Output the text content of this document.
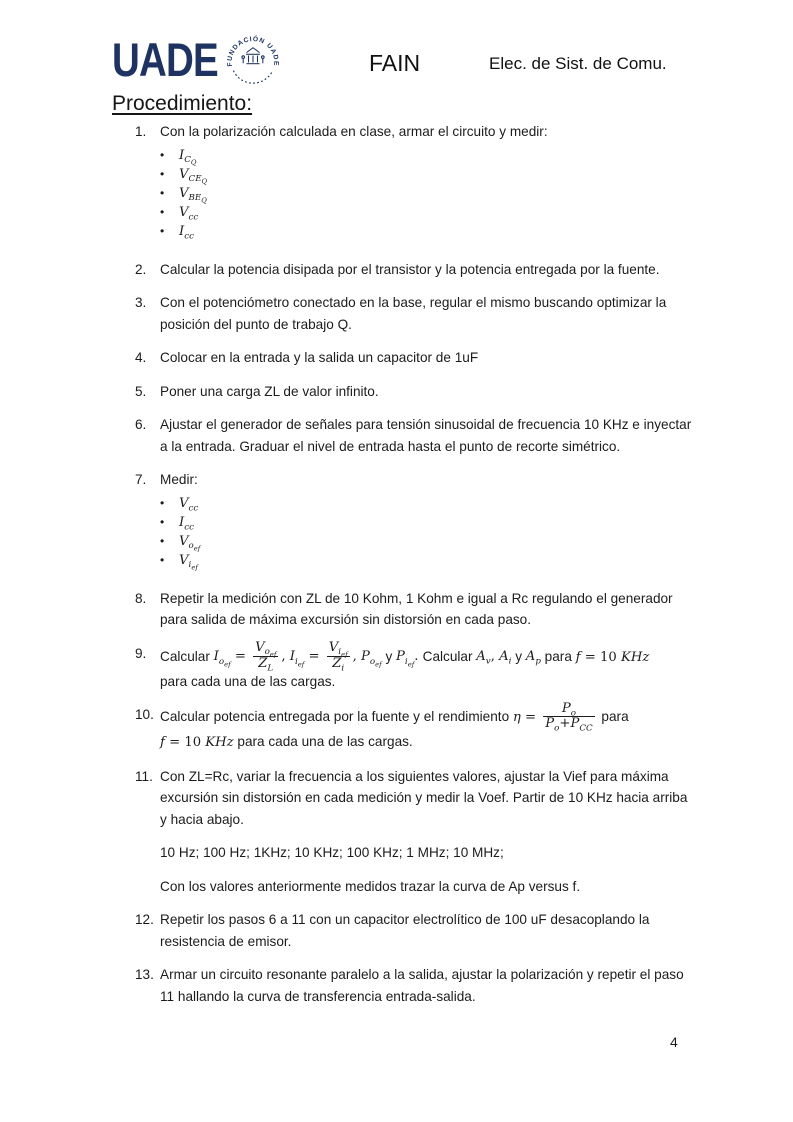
UADE FUNDACIÓN UADE	FAIN	Elec. de Sist. de Comu.
Procedimiento:
1.	Con la polarización calculada en clase, armar el circuito y medir:
•	$I_{C_Q}$
•	$V_{CE_Q}$
•	$V_{BE_Q}$
•	$V_{cc}$
•	$I_{cc}$
2.	Calcular la potencia disipada por el transistor y la potencia entregada por la fuente.
3.	Con el potenciómetro conectado en la base, regular el mismo buscando optimizar la
posición del punto de trabajo Q.
4.	Colocar en la entrada y la salida un capacitor de 1uF
5.	Poner una carga ZL de valor infinito.
6.	Ajustar el generador de señales para tensión sinusoidal de frecuencia 10 KHz e inyectar
a la entrada. Graduar el nivel de entrada hasta el punto de recorte simétrico.
7.	Medir:
•	$V_{cc}$
•	$I_{cc}$
•	$V_{o_{ef}}$
•	$V_{i_{ef}}$
8.	Repetir la medición con ZL de 10 Kohm, 1 Kohm e igual a Rc regulando el generador
para salida de máxima excursión sin distorsión en cada paso.
9.	Calcular $I_{o_{ef}} = \frac{V_{o_{ef}}}{Z_L}$ , $I_{i_{ef}} = \frac{V_{i_{ef}}}{Z_i}$ , $P_{o_{ef}}$ y $P_{i_{ef}}$. Calcular $A_v$, $A_i$ y $A_p$ para f = 10 KHz
para cada una de las cargas.
10. Calcular potencia entregada por la fuente y el rendimiento $\eta = \frac{P_o}{P_o+P_{CC}}$ para
f = 10 KHz para cada una de las cargas.
11. Con ZL=Rc, variar la frecuencia a los siguientes valores, ajustar la Vief para máxima
excursión sin distorsión en cada medición y medir la Voef. Partir de 10 KHz hacia arriba
y hacia abajo.
10 Hz; 100 Hz; 1KHz; 10 KHz; 100 KHz; 1 MHz; 10 MHz;
Con los valores anteriormente medidos trazar la curva de Ap versus f.
12. Repetir los pasos 6 a 11 con un capacitor electrolítico de 100 uF desacoplando la
resistencia de emisor.
13. Armar un circuito resonante paralelo a la salida, ajustar la polarización y repetir el paso
11 hallando la curva de transferencia entrada-salida.
4
